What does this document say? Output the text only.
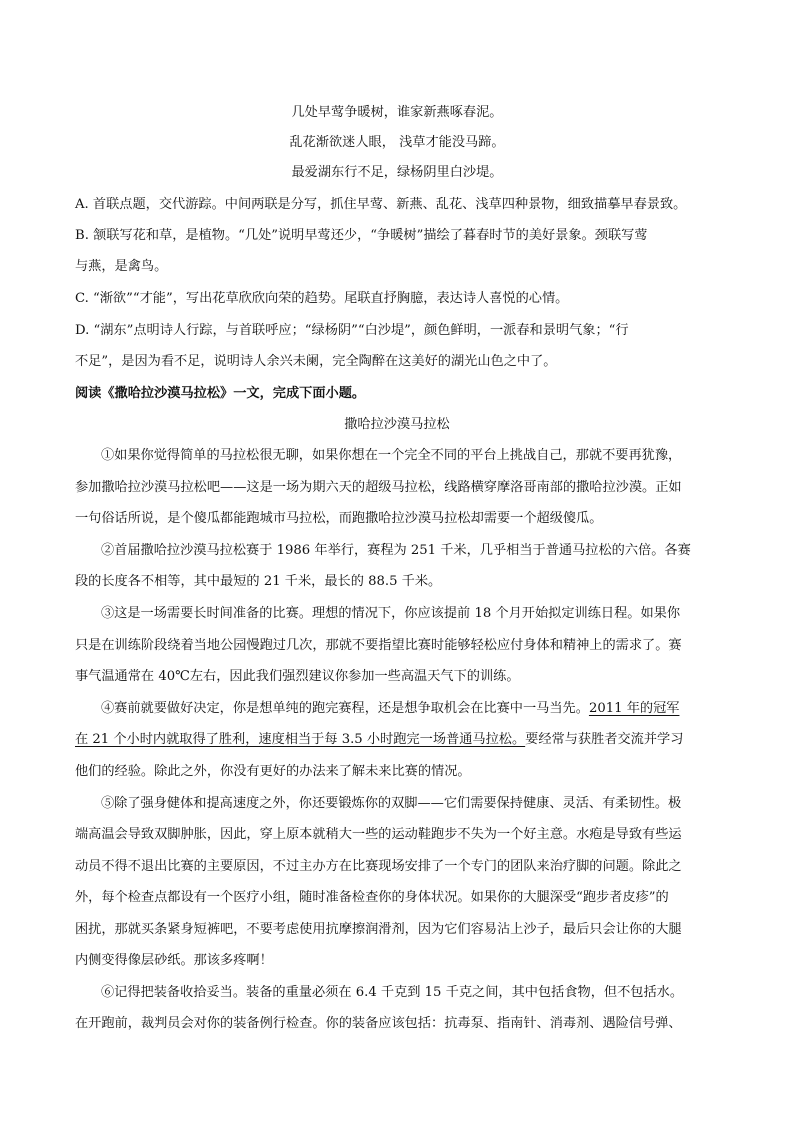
几处早莺争暖树，谁家新燕啄春泥。
乱花渐欲迷人眼， 浅草才能没马蹄。
最爱湖东行不足，绿杨阴里白沙堤。
A. 首联点题，交代游踪。中间两联是分写，抓住早莺、新燕、乱花、浅草四种景物，细致描摹早春景致。
B. 颔联写花和草，是植物。“几处”说明早莺还少，“争暖树”描绘了暮春时节的美好景象。颈联写莺
与燕，是禽鸟。
C. “渐欲”“才能”，写出花草欣欣向荣的趋势。尾联直抒胸臆，表达诗人喜悦的心情。
D. “湖东”点明诗人行踪，与首联呼应；“绿杨阴”“白沙堤”，颜色鲜明，一派春和景明气象；“行
不足”，是因为看不足，说明诗人余兴未阑，完全陶醉在这美好的湖光山色之中了。
阅读《撒哈拉沙漠马拉松》一文，完成下面小题。
撒哈拉沙漠马拉松
①如果你觉得简单的马拉松很无聊，如果你想在一个完全不同的平台上挑战自己，那就不要再犹豫，
参加撒哈拉沙漠马拉松吧——这是一场为期六天的超级马拉松，线路横穿摩洛哥南部的撒哈拉沙漠。正如
一句俗话所说，是个傻瓜都能跑城市马拉松，而跑撒哈拉沙漠马拉松却需要一个超级傻瓜。
②首届撒哈拉沙漠马拉松赛于 1986 年举行，赛程为 251 千米，几乎相当于普通马拉松的六倍。各赛
段的长度各不相等，其中最短的 21 千米，最长的 88.5 千米。
③这是一场需要长时间准备的比赛。理想的情况下，你应该提前 18 个月开始拟定训练日程。如果你
只是在训练阶段绕着当地公园慢跑过几次，那就不要指望比赛时能够轻松应付身体和精神上的需求了。赛
事气温通常在 40℃左右，因此我们强烈建议你参加一些高温天气下的训练。
④赛前就要做好决定，你是想单纯的跑完赛程，还是想争取机会在比赛中一马当先。2011 年的冠军
在 21 个小时内就取得了胜利，速度相当于每 3.5 小时跑完一场普通马拉松。要经常与获胜者交流并学习
他们的经验。除此之外，你没有更好的办法来了解未来比赛的情况。
⑤除了强身健体和提高速度之外，你还要锻炼你的双脚——它们需要保持健康、灵活、有柔韧性。极
端高温会导致双脚肿胀，因此，穿上原本就稍大一些的运动鞋跑步不失为一个好主意。水疱是导致有些运
动员不得不退出比赛的主要原因，不过主办方在比赛现场安排了一个专门的团队来治疗脚的问题。除此之
外，每个检查点都设有一个医疗小组，随时准备检查你的身体状况。如果你的大腿深受“跑步者皮疹”的
困扰，那就买条紧身短裤吧，不要考虑使用抗摩擦润滑剂，因为它们容易沾上沙子，最后只会让你的大腿
内侧变得像层砂纸。那该多疼啊！
⑥记得把装备收拾妥当。装备的重量必须在 6.4 千克到 15 千克之间，其中包括食物，但不包括水。
在开跑前，裁判员会对你的装备例行检查。你的装备应该包括：抗毒泵、指南针、消毒剂、遇险信号弹、
